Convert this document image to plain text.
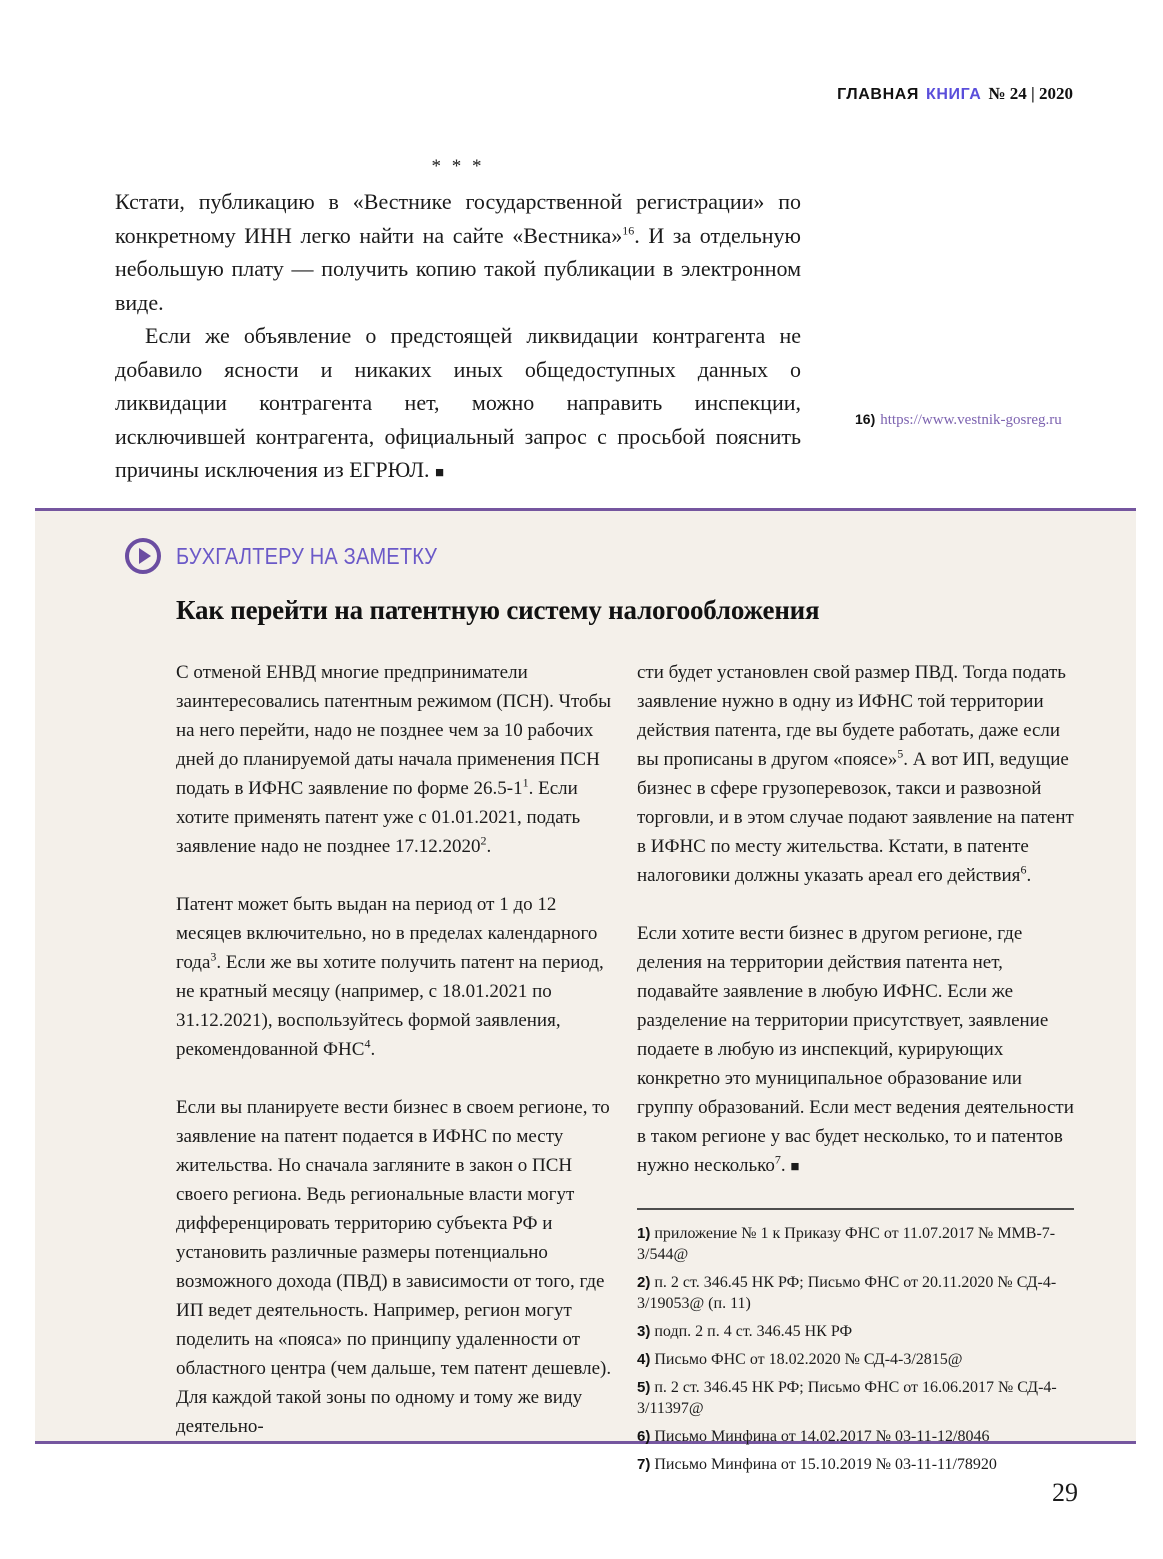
ГЛАВНАЯ КНИГА № 24 | 2020
* * *

Кстати, публикацию в «Вестнике государственной регистрации» по конкретному ИНН легко найти на сайте «Вестника»$^{16}$. И за отдельную небольшую плату — получить копию такой публикации в электронном виде.

Если же объявление о предстоящей ликвидации контрагента не добавило ясности и никаких иных общедоступных данных о ликвидации контрагента нет, можно направить инспекции, исключившей контрагента, официальный запрос с просьбой пояснить причины исключения из ЕГРЮЛ. ■

16) https://www.vestnik-gosreg.ru
БУХГАЛТЕРУ НА ЗАМЕТКУ
Как перейти на патентную систему налогообложения

С отменой ЕНВД многие предприниматели заинтересовались патентным режимом (ПСН). Чтобы на него перейти, надо не позднее чем за 10 рабочих дней до планируемой даты начала применения ПСН подать в ИФНС заявление по форме 26.5-1$^1$. Если хотите применять патент уже с 01.01.2021, подать заявление надо не позднее 17.12.2020$^2$.

Патент может быть выдан на период от 1 до 12 месяцев включительно, но в пределах календарного года$^3$. Если же вы хотите получить патент на период, не кратный месяцу (например, с 18.01.2021 по 31.12.2021), воспользуйтесь формой заявления, рекомендованной ФНС$^4$.

Если вы планируете вести бизнес в своем регионе, то заявление на патент подается в ИФНС по месту жительства. Но сначала загляните в закон о ПСН своего региона. Ведь региональные власти могут дифференцировать территорию субъекта РФ и установить различные размеры потенциально возможного дохода (ПВД) в зависимости от того, где ИП ведет деятельность. Например, регион могут поделить на «пояса» по принципу удаленности от областного центра (чем дальше, тем патент дешевле). Для каждой такой зоны по одному и тому же виду деятельно-

сти будет установлен свой размер ПВД. Тогда подать заявление нужно в одну из ИФНС той территории действия патента, где вы будете работать, даже если вы прописаны в другом «поясе»$^5$. А вот ИП, ведущие бизнес в сфере грузоперевозок, такси и развозной торговли, и в этом случае подают заявление на патент в ИФНС по месту жительства. Кстати, в патенте налоговики должны указать ареал его действия$^6$.

Если хотите вести бизнес в другом регионе, где деления на территории действия патента нет, подавайте заявление в любую ИФНС. Если же разделение на территории присутствует, заявление подаете в любую из инспекций, курирующих конкретно это муниципальное образование или группу образований. Если мест ведения деятельности в таком регионе у вас будет несколько, то и патентов нужно несколько$^7$. ■

1) приложение № 1 к Приказу ФНС от 11.07.2017 № ММВ-7-3/544@
2) п. 2 ст. 346.45 НК РФ; Письмо ФНС от 20.11.2020 № СД-4-3/19053@ (п. 11)
3) подп. 2 п. 4 ст. 346.45 НК РФ
4) Письмо ФНС от 18.02.2020 № СД-4-3/2815@
5) п. 2 ст. 346.45 НК РФ; Письмо ФНС от 16.06.2017 № СД-4-3/11397@
6) Письмо Минфина от 14.02.2017 № 03-11-12/8046
7) Письмо Минфина от 15.10.2019 № 03-11-11/78920
29
